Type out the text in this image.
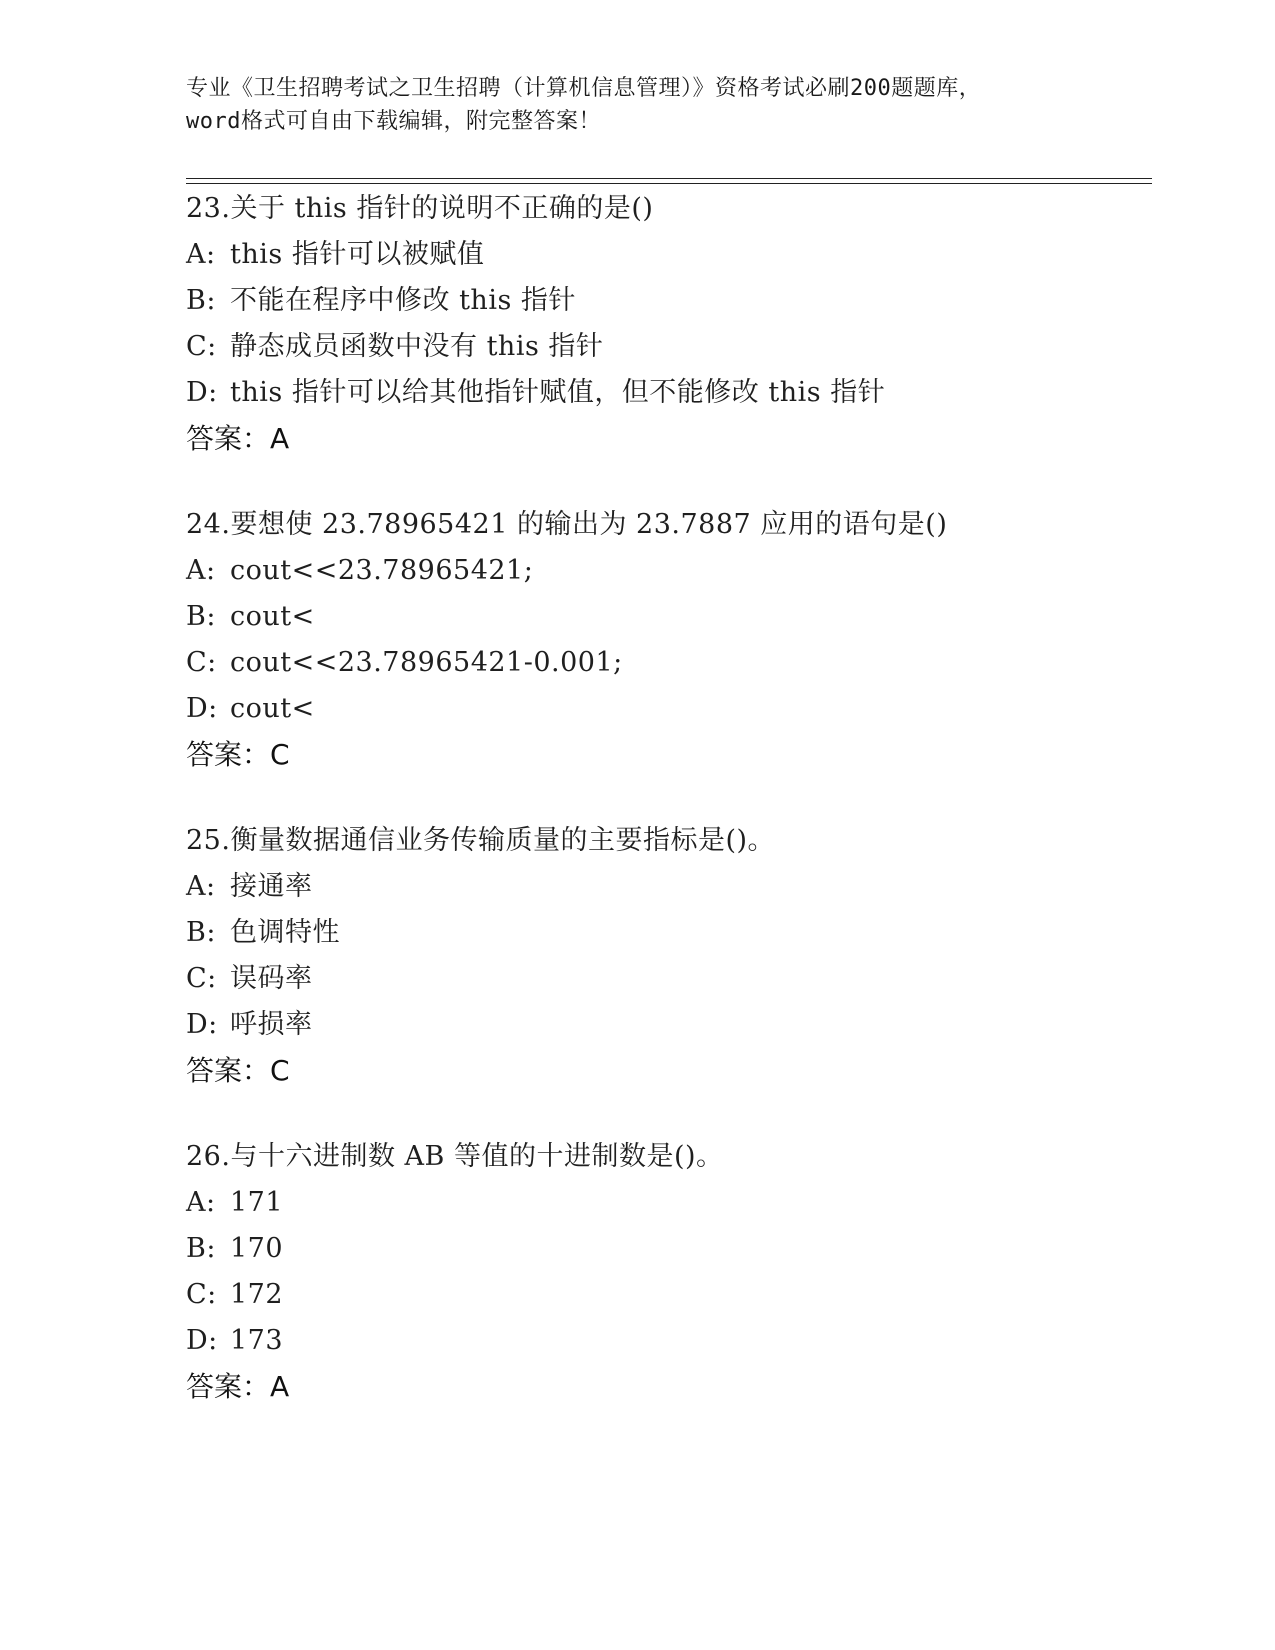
专业《卫生招聘考试之卫生招聘（计算机信息管理）》资格考试必刷200题题库，
word格式可自由下载编辑，附完整答案！
23.关于 this 指针的说明不正确的是()
A: this 指针可以被赋值
B: 不能在程序中修改 this 指针
C: 静态成员函数中没有 this 指针
D: this 指针可以给其他指针赋值，但不能修改 this 指针
答案：A
24.要想使 23.78965421 的输出为 23.7887 应用的语句是()
A: cout<<23.78965421;
B: cout<
C: cout<<23.78965421-0.001;
D: cout<
答案：C
25.衡量数据通信业务传输质量的主要指标是()。
A: 接通率
B: 色调特性
C: 误码率
D: 呼损率
答案：C
26.与十六进制数 AB 等值的十进制数是()。
A: 171
B: 170
C: 172
D: 173
答案：A
